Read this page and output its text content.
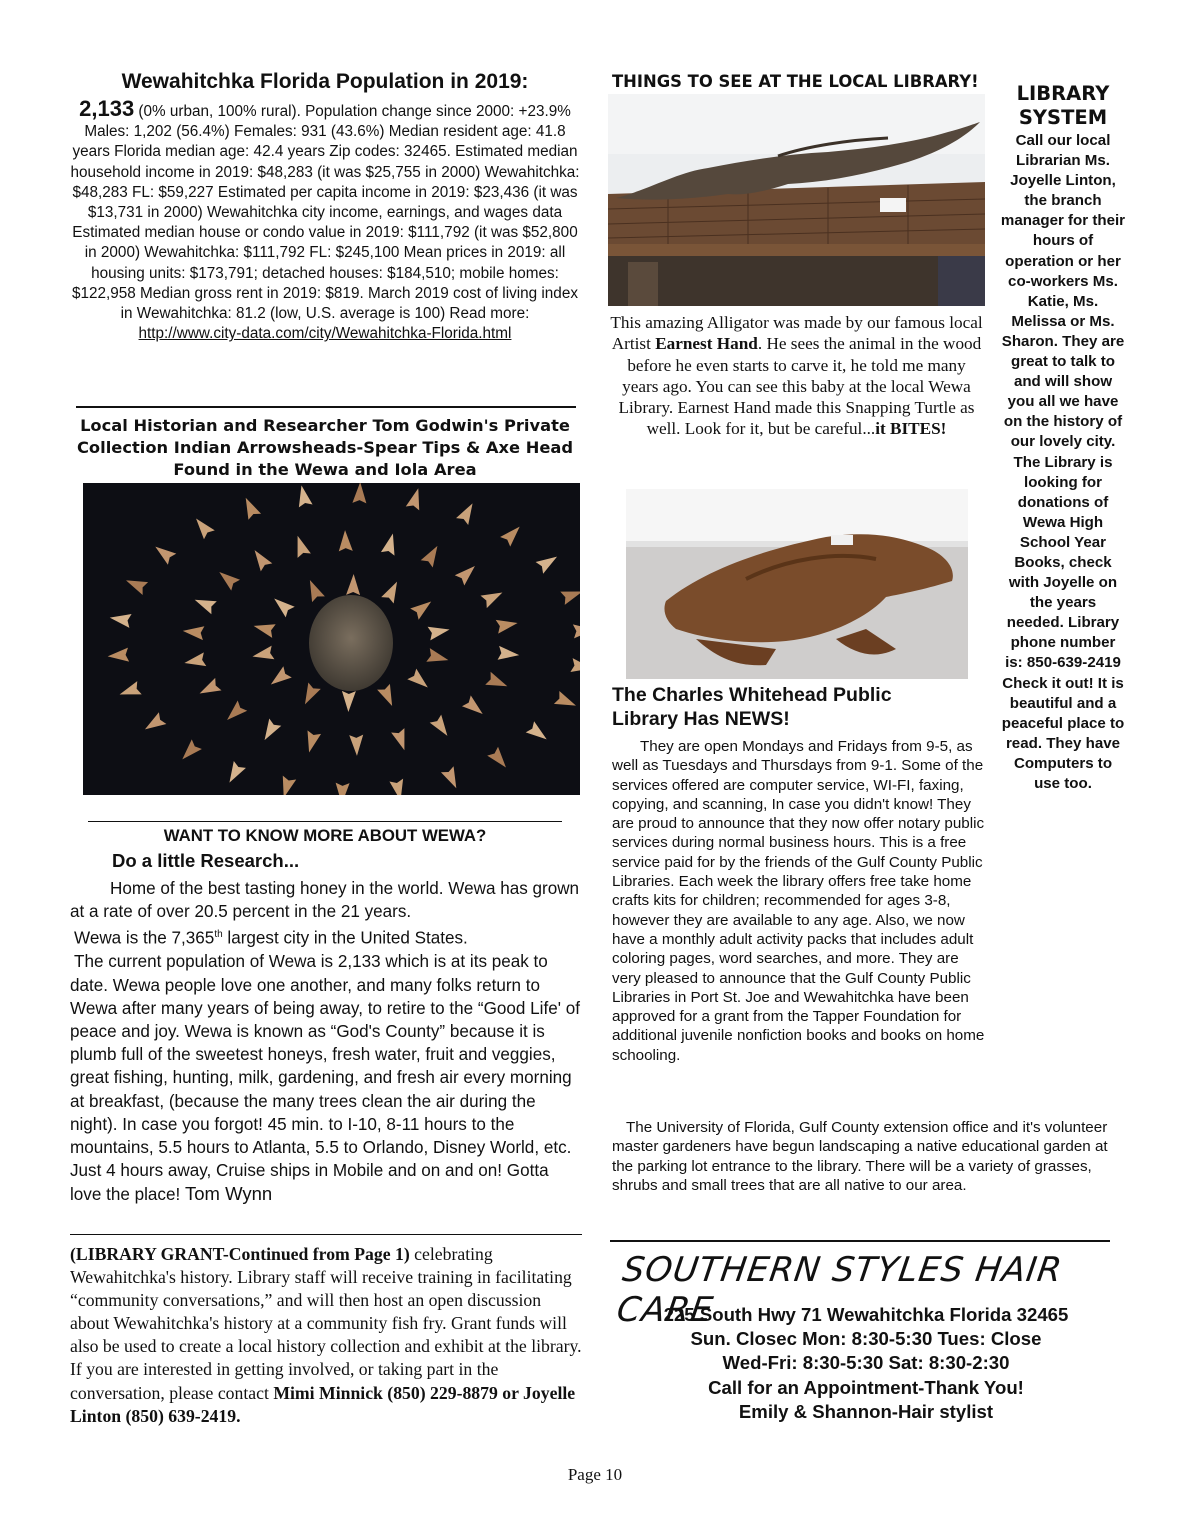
Wewahitchka Florida Population in 2019:
2,133 (0% urban, 100% rural). Population change since 2000: +23.9% Males: 1,202 (56.4%) Females: 931 (43.6%) Median resident age: 41.8 years Florida median age: 42.4 years Zip codes: 32465. Estimated median household income in 2019: $48,283 (it was $25,755 in 2000) Wewahitchka: $48,283 FL: $59,227 Estimated per capita income in 2019: $23,436 (it was $13,731 in 2000) Wewahitchka city income, earnings, and wages data Estimated median house or condo value in 2019: $111,792 (it was $52,800 in 2000) Wewahitchka: $111,792 FL: $245,100 Mean prices in 2019: all housing units: $173,791; detached houses: $184,510; mobile homes: $122,958 Median gross rent in 2019: $819. March 2019 cost of living index in Wewahitchka: 81.2 (low, U.S. average is 100) Read more: http://www.city-data.com/city/Wewahitchka-Florida.html
Local Historian and Researcher Tom Godwin's Private Collection Indian Arrowsheads-Spear Tips & Axe Head Found in the Wewa and Iola Area
WANT TO KNOW MORE ABOUT WEWA?
Do a little Research...
Home of the best tasting honey in the world. Wewa has grown at a rate of over 20.5 percent in the 21 years.
Wewa is the 7,365th largest city in the United States.
The current population of Wewa is 2,133 which is at its peak to date. Wewa people love one another, and many folks return to Wewa after many years of being away, to retire to the “Good Life' of peace and joy. Wewa is known as “God's County” because it is plumb full of the sweetest honeys, fresh water, fruit and veggies, great fishing, hunting, milk, gardening, and fresh air every morning at breakfast, (because the many trees clean the air during the night). In case you forgot! 45 min. to I-10, 8-11 hours to the mountains, 5.5 hours to Atlanta, 5.5 to Orlando, Disney World, etc. Just 4 hours away, Cruise ships in Mobile and on and on! Gotta love the place! Tom Wynn
(LIBRARY GRANT-Continued from Page 1) celebrating Wewahitchka's history. Library staff will receive training in facilitating “community conversations,” and will then host an open discussion about Wewahitchka's history at a community fish fry. Grant funds will also be used to create a local history collection and exhibit at the library. If you are interested in getting involved, or taking part in the conversation, please contact Mimi Minnick (850) 229-8879 or Joyelle Linton (850) 639-2419.
THINGS TO SEE AT THE LOCAL LIBRARY!
This amazing Alligator was made by our famous local Artist Earnest Hand. He sees the animal in the wood before he even starts to carve it, he told me many years ago. You can see this baby at the local Wewa Library. Earnest Hand made this Snapping Turtle as well. Look for it, but be careful...it BITES!
The Charles Whitehead Public Library Has NEWS!
They are open Mondays and Fridays from 9-5, as well as Tuesdays and Thursdays from 9-1. Some of the services offered are computer service, WI-FI, faxing, copying, and scanning, In case you didn't know! They are proud to announce that they now offer notary public services during normal business hours. This is a free service paid for by the friends of the Gulf County Public Libraries. Each week the library offers free take home crafts kits for children; recommended for ages 3-8, however they are available to any age. Also, we now have a monthly adult activity packs that includes adult coloring pages, word searches, and more. They are very pleased to announce that the Gulf County Public Libraries in Port St. Joe and Wewahitchka have been approved for a grant from the Tapper Foundation for additional juvenile nonfiction books and books on home schooling.
The University of Florida, Gulf County extension office and it's volunteer master gardeners have begun landscaping a native educational garden at the parking lot entrance to the library. There will be a variety of grasses, shrubs and small trees that are all native to our area.
SOUTHERN STYLES HAIR CARE
225 South Hwy 71 Wewahitchka Florida 32465
Sun. Closec Mon: 8:30-5:30 Tues: Close
Wed-Fri: 8:30-5:30 Sat: 8:30-2:30
Call for an Appointment-Thank You!
Emily & Shannon-Hair stylist
LIBRARY SYSTEM
Call our local Librarian Ms. Joyelle Linton, the branch manager for their hours of operation or her co-workers Ms. Katie, Ms. Melissa or Ms. Sharon. They are great to talk to and will show you all we have on the history of our lovely city. The Library is looking for donations of Wewa High School Year Books, check with Joyelle on the years needed. Library phone number is: 850-639-2419 Check it out! It is beautiful and a peaceful place to read. They have Computers to use too.
Page 10
